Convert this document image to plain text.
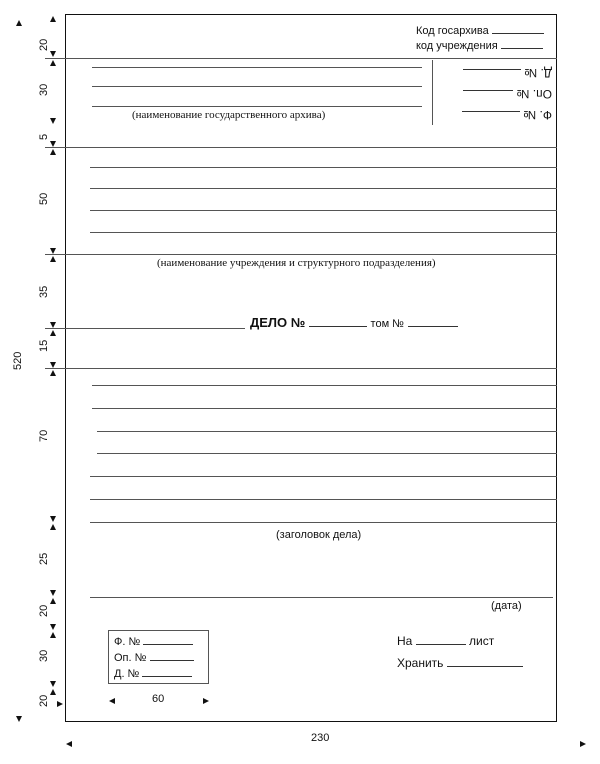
Код госархива
код учреждения
(наименование государственного архива)	Ф. №
Оп. №
Д. №
(наименование учреждения и структурного подразделения)
ДЕЛО №	том №
(заголовок дела)
(дата)
Ф. №
Оп. №
Д. №
60
На	лист
Хранить
20
30
5
50
35
15
70
25
20
30
20
520
230
